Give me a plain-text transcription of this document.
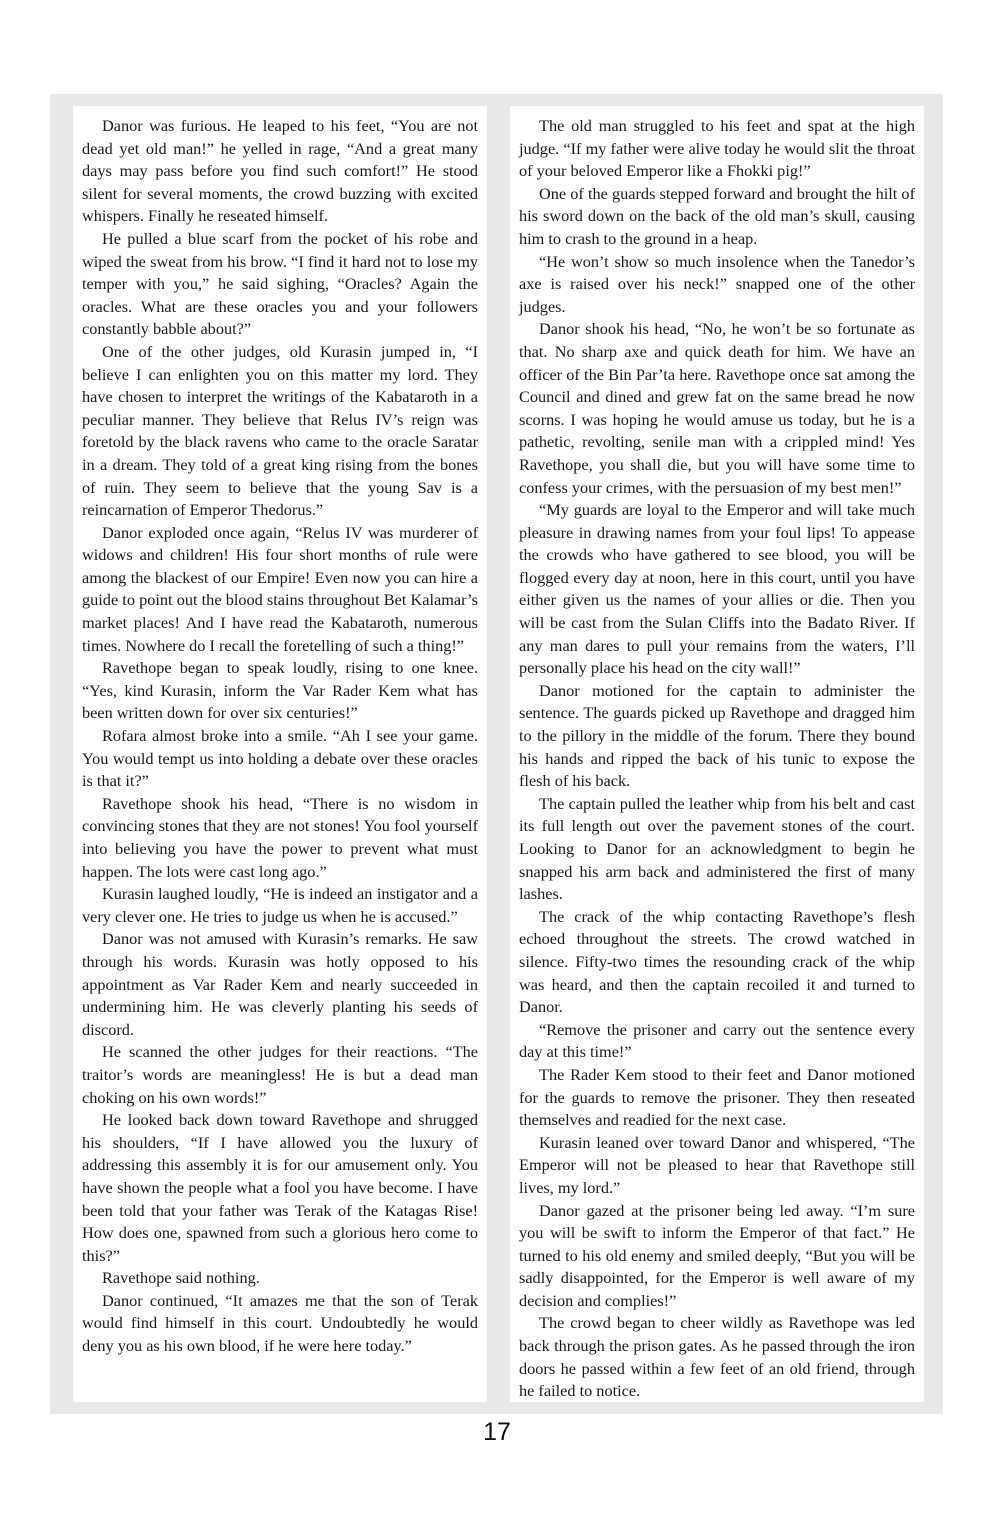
Danor was furious. He leaped to his feet, “You are not dead yet old man!” he yelled in rage, “And a great many days may pass before you find such comfort!” He stood silent for several moments, the crowd buzzing with excited whispers. Finally he reseated himself.

He pulled a blue scarf from the pocket of his robe and wiped the sweat from his brow. “I find it hard not to lose my temper with you,” he said sighing, “Oracles? Again the oracles. What are these oracles you and your followers constantly babble about?”

One of the other judges, old Kurasin jumped in, “I believe I can enlighten you on this matter my lord. They have chosen to interpret the writings of the Kabataroth in a peculiar manner. They believe that Relus IV’s reign was foretold by the black ravens who came to the oracle Saratar in a dream. They told of a great king rising from the bones of ruin. They seem to believe that the young Sav is a reincarnation of Emperor Thedorus.”

Danor exploded once again, “Relus IV was murderer of widows and children! His four short months of rule were among the blackest of our Empire! Even now you can hire a guide to point out the blood stains throughout Bet Kalamar’s market places! And I have read the Kabataroth, numerous times. Nowhere do I recall the foretelling of such a thing!”

Ravethope began to speak loudly, rising to one knee. “Yes, kind Kurasin, inform the Var Rader Kem what has been written down for over six centuries!”

Rofara almost broke into a smile. “Ah I see your game. You would tempt us into holding a debate over these oracles is that it?”

Ravethope shook his head, “There is no wisdom in convincing stones that they are not stones! You fool yourself into believing you have the power to prevent what must happen. The lots were cast long ago.”

Kurasin laughed loudly, “He is indeed an instigator and a very clever one. He tries to judge us when he is accused.”

Danor was not amused with Kurasin’s remarks. He saw through his words. Kurasin was hotly opposed to his appointment as Var Rader Kem and nearly succeeded in undermining him. He was cleverly planting his seeds of discord.

He scanned the other judges for their reactions. “The traitor’s words are meaningless! He is but a dead man choking on his own words!”

He looked back down toward Ravethope and shrugged his shoulders, “If I have allowed you the luxury of addressing this assembly it is for our amusement only. You have shown the people what a fool you have become. I have been told that your father was Terak of the Katagas Rise! How does one, spawned from such a glorious hero come to this?”

Ravethope said nothing.

Danor continued, “It amazes me that the son of Terak would find himself in this court. Undoubtedly he would deny you as his own blood, if he were here today.”

The old man struggled to his feet and spat at the high judge. “If my father were alive today he would slit the throat of your beloved Emperor like a Fhokki pig!”

One of the guards stepped forward and brought the hilt of his sword down on the back of the old man’s skull, causing him to crash to the ground in a heap.

“He won’t show so much insolence when the Tanedor’s axe is raised over his neck!” snapped one of the other judges.

Danor shook his head, “No, he won’t be so fortunate as that. No sharp axe and quick death for him. We have an officer of the Bin Par’ta here. Ravethope once sat among the Council and dined and grew fat on the same bread he now scorns. I was hoping he would amuse us today, but he is a pathetic, revolting, senile man with a crippled mind! Yes Ravethope, you shall die, but you will have some time to confess your crimes, with the persuasion of my best men!”

“My guards are loyal to the Emperor and will take much pleasure in drawing names from your foul lips! To appease the crowds who have gathered to see blood, you will be flogged every day at noon, here in this court, until you have either given us the names of your allies or die. Then you will be cast from the Sulan Cliffs into the Badato River. If any man dares to pull your remains from the waters, I’ll personally place his head on the city wall!”

Danor motioned for the captain to administer the sentence. The guards picked up Ravethope and dragged him to the pillory in the middle of the forum. There they bound his hands and ripped the back of his tunic to expose the flesh of his back.

The captain pulled the leather whip from his belt and cast its full length out over the pavement stones of the court. Looking to Danor for an acknowledgment to begin he snapped his arm back and administered the first of many lashes.

The crack of the whip contacting Ravethope’s flesh echoed throughout the streets. The crowd watched in silence. Fifty-two times the resounding crack of the whip was heard, and then the captain recoiled it and turned to Danor.

“Remove the prisoner and carry out the sentence every day at this time!”

The Rader Kem stood to their feet and Danor motioned for the guards to remove the prisoner. They then reseated themselves and readied for the next case.

Kurasin leaned over toward Danor and whispered, “The Emperor will not be pleased to hear that Ravethope still lives, my lord.”

Danor gazed at the prisoner being led away. “I’m sure you will be swift to inform the Emperor of that fact.” He turned to his old enemy and smiled deeply, “But you will be sadly disappointed, for the Emperor is well aware of my decision and complies!”

The crowd began to cheer wildly as Ravethope was led back through the prison gates. As he passed through the iron doors he passed within a few feet of an old friend, through he failed to notice.

17
